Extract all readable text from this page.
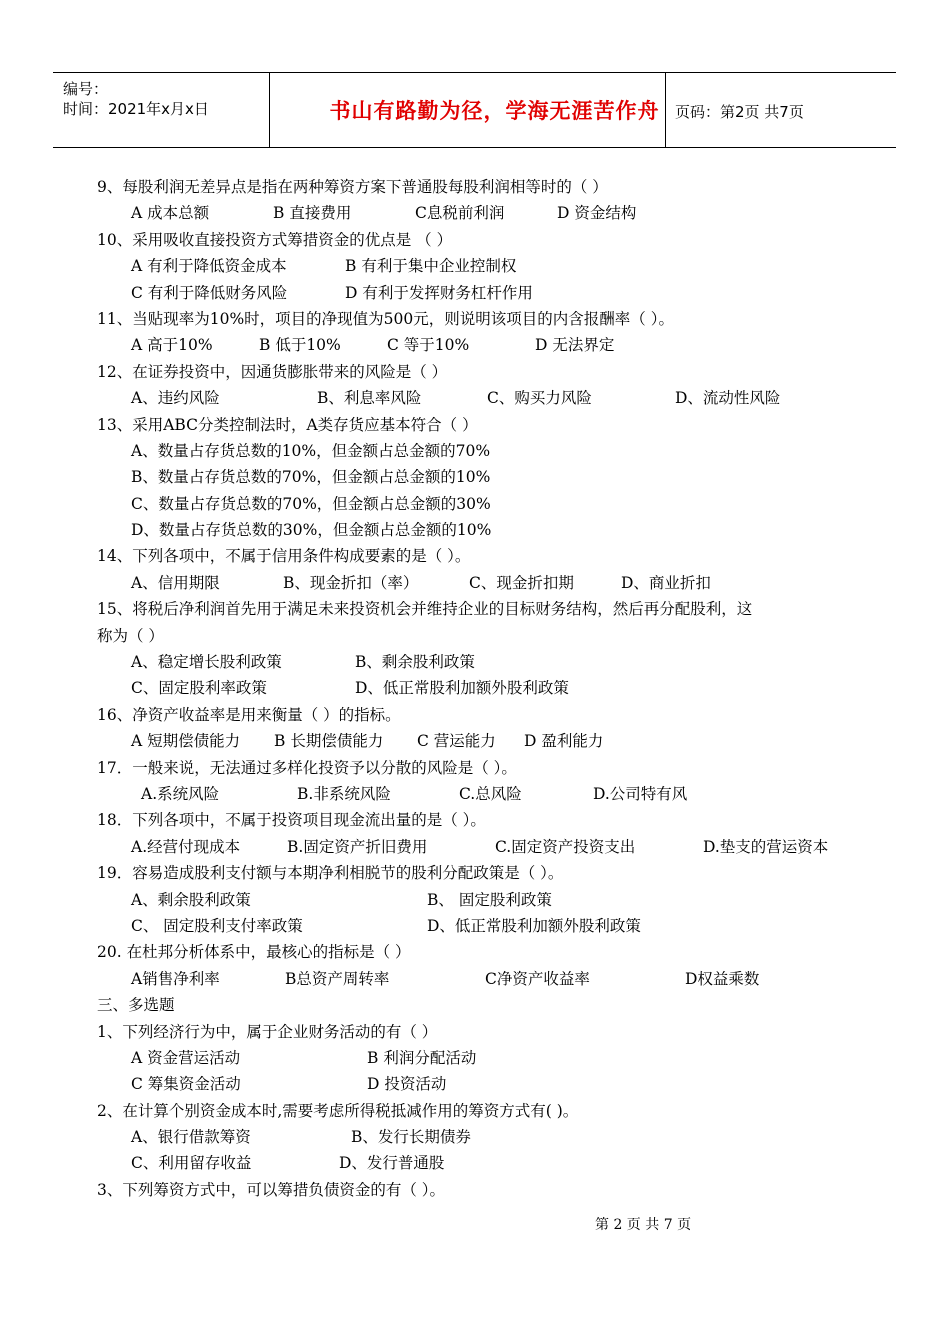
编号：
时间：2021年x月x日	书山有路勤为径，学海无涯苦作舟	页码：第2页 共7页
9、每股利润无差异点是指在两种筹资方案下普通股每股利润相等时的（ ）
A 成本总额	B 直接费用	C息税前利润	D 资金结构
10、采用吸收直接投资方式筹措资金的优点是 （ ）
A 有利于降低资金成本	B 有利于集中企业控制权
C 有利于降低财务风险	D 有利于发挥财务杠杆作用
11、当贴现率为10%时，项目的净现值为500元，则说明该项目的内含报酬率（ ）。
A 高于10%	B 低于10%	C 等于10%	D 无法界定
12、在证券投资中，因通货膨胀带来的风险是（ ）
A、违约风险	B、利息率风险	C、购买力风险	D、流动性风险
13、采用ABC分类控制法时，A类存货应基本符合（ ）
A、数量占存货总数的10%，但金额占总金额的70%
B、数量占存货总数的70%，但金额占总金额的10%
C、数量占存货总数的70%，但金额占总金额的30%
D、数量占存货总数的30%，但金额占总金额的10%
14、下列各项中，不属于信用条件构成要素的是（ ）。
A、信用期限	B、现金折扣（率）	C、现金折扣期	D、商业折扣
15、将税后净利润首先用于满足未来投资机会并维持企业的目标财务结构，然后再分配股利，这
称为（ ）
A、稳定增长股利政策	B、剩余股利政策
C、固定股利率政策	D、低正常股利加额外股利政策
16、净资产收益率是用来衡量（ ）的指标。
A 短期偿债能力 B 长期偿债能力 C 营运能力 D 盈利能力
17．一般来说，无法通过多样化投资予以分散的风险是（ ）。
A.系统风险	B.非系统风险	C.总风险	D.公司特有风
18．下列各项中，不属于投资项目现金流出量的是（ ）。
A.经营付现成本	B.固定资产折旧费用	C.固定资产投资支出	D.垫支的营运资本
19．容易造成股利支付额与本期净利相脱节的股利分配政策是（ ）。
A、剩余股利政策	B、 固定股利政策
C、 固定股利支付率政策	D、低正常股利加额外股利政策
20. 在杜邦分析体系中，最核心的指标是（ ）
A销售净利率	B总资产周转率	C净资产收益率	D权益乘数
三、多选题
1、下列经济行为中，属于企业财务活动的有（ ）
A 资金营运活动	B 利润分配活动
C 筹集资金活动	D 投资活动
2、在计算个别资金成本时,需要考虑所得税抵减作用的筹资方式有( )。
A、银行借款筹资	B、发行长期债券
C、利用留存收益	D、发行普通股
3、下列筹资方式中，可以筹措负债资金的有（ ）。
第 2 页 共 7 页
